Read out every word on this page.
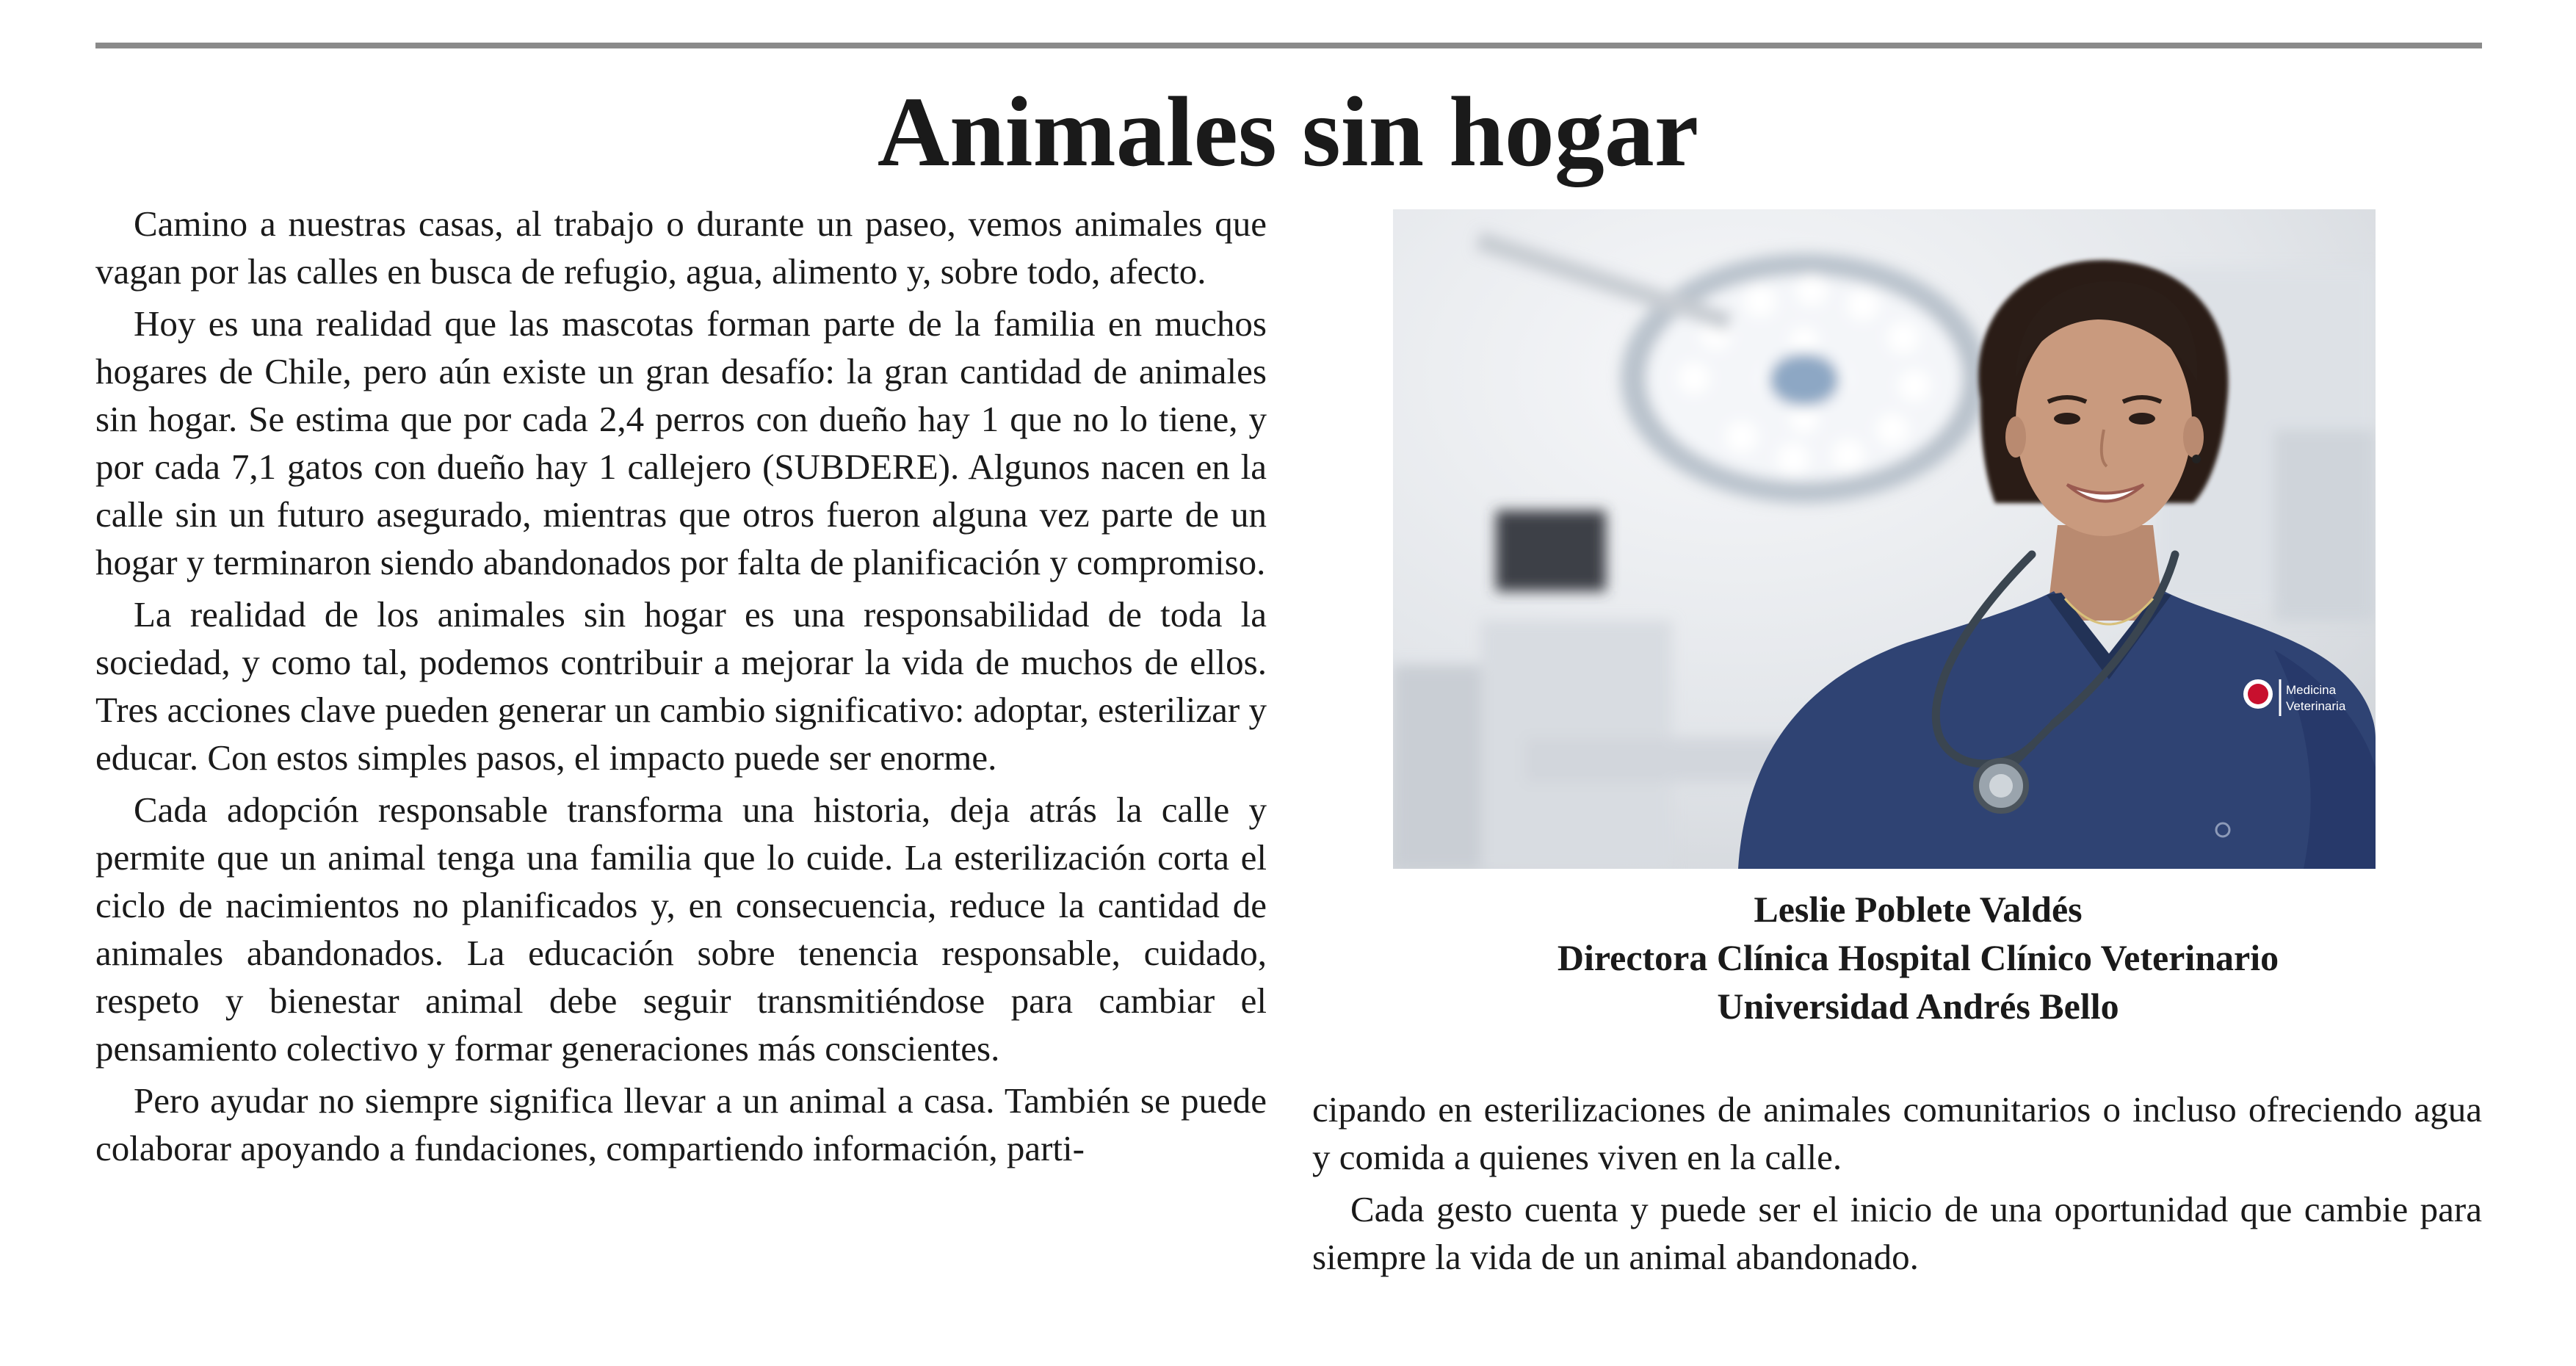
Animales sin hogar

Camino a nuestras casas, al trabajo o durante un paseo, vemos animales que vagan por las calles en busca de refugio, agua, alimento y, sobre todo, afecto.

Hoy es una realidad que las mascotas forman parte de la familia en muchos hogares de Chile, pero aún existe un gran desafío: la gran cantidad de animales sin hogar. Se estima que por cada 2,4 perros con dueño hay 1 que no lo tiene, y por cada 7,1 gatos con dueño hay 1 callejero (SUBDERE). Algunos nacen en la calle sin un futuro asegurado, mientras que otros fueron alguna vez parte de un hogar y terminaron siendo abandonados por falta de planificación y compromiso.

La realidad de los animales sin hogar es una responsabilidad de toda la sociedad, y como tal, podemos contribuir a mejorar la vida de muchos de ellos. Tres acciones clave pueden generar un cambio significativo: adoptar, esterilizar y educar. Con estos simples pasos, el impacto puede ser enorme.

Cada adopción responsable transforma una historia, deja atrás la calle y permite que un animal tenga una familia que lo cuide. La esterilización corta el ciclo de nacimientos no planificados y, en consecuencia, reduce la cantidad de animales abandonados. La educación sobre tenencia responsable, cuidado, respeto y bienestar animal debe seguir transmitiéndose para cambiar el pensamiento colectivo y formar generaciones más conscientes.

Pero ayudar no siempre significa llevar a un animal a casa. También se puede colaborar apoyando a fundaciones, compartiendo información, parti-

Medicina
Veterinaria
Leslie Poblete Valdés
Directora Clínica Hospital Clínico Veterinario
Universidad Andrés Bello

cipando en esterilizaciones de animales comunitarios o incluso ofreciendo agua y comida a quienes viven en la calle.

Cada gesto cuenta y puede ser el inicio de una oportunidad que cambie para siempre la vida de un animal abandonado.
